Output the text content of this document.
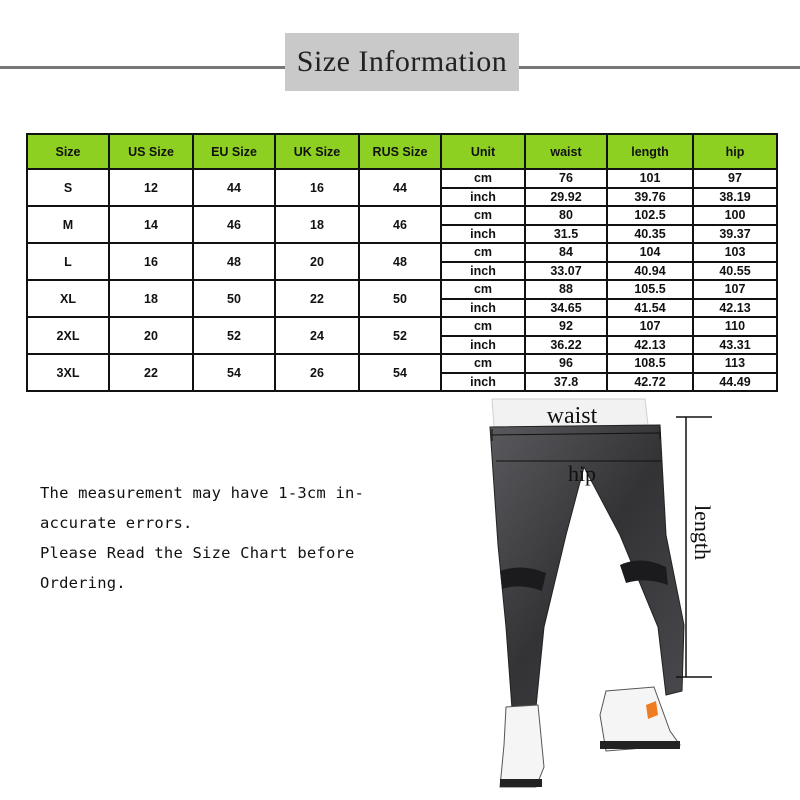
Size Information
Size	US Size	EU Size	UK Size	RUS Size	Unit	waist	length	hip
S	12	44	16	44	cm	76	101	97
					inch	29.92	39.76	38.19
M	14	46	18	46	cm	80	102.5	100
					inch	31.5	40.35	39.37
L	16	48	20	48	cm	84	104	103
					inch	33.07	40.94	40.55
XL	18	50	22	50	cm	88	105.5	107
					inch	34.65	41.54	42.13
2XL	20	52	24	52	cm	92	107	110
					inch	36.22	42.13	43.31
3XL	22	54	26	54	cm	96	108.5	113
					inch	37.8	42.72	44.49
The measurement may have 1-3cm in-
accurate errors.
Please Read the Size Chart before
Ordering.
waist
hip
length
